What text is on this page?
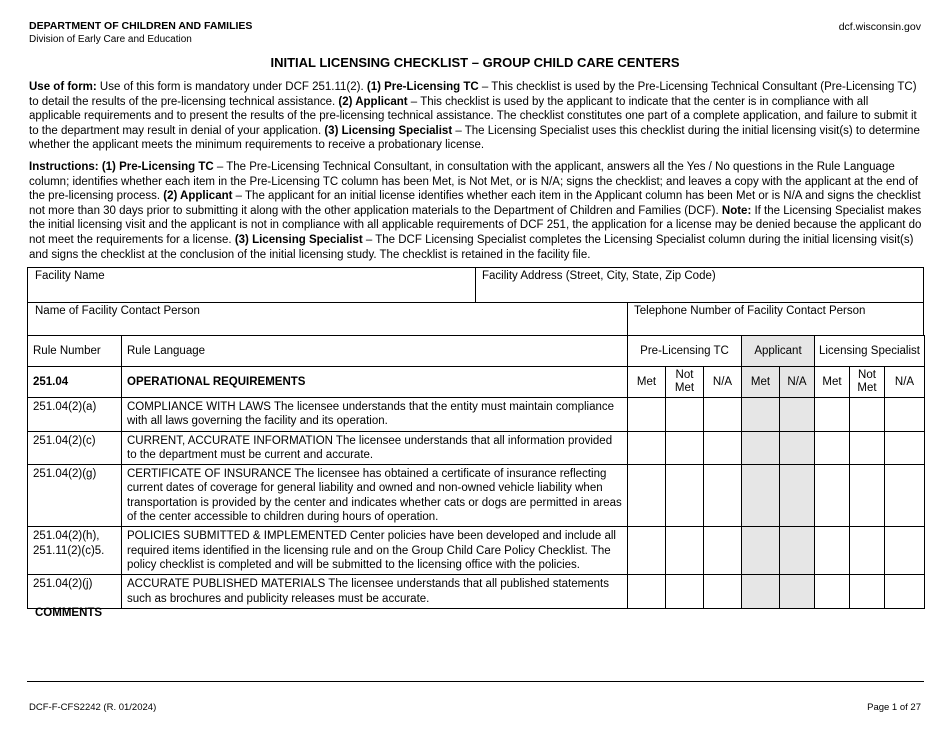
DEPARTMENT OF CHILDREN AND FAMILIES
Division of Early Care and Education
dcf.wisconsin.gov
INITIAL LICENSING CHECKLIST – GROUP CHILD CARE CENTERS
Use of form: Use of this form is mandatory under DCF 251.11(2). (1) Pre-Licensing TC – This checklist is used by the Pre-Licensing Technical Consultant (Pre-Licensing TC) to detail the results of the pre-licensing technical assistance. (2) Applicant – This checklist is used by the applicant to indicate that the center is in compliance with all applicable requirements and to present the results of the pre-licensing technical assistance. The checklist constitutes one part of a complete application, and failure to submit it to the department may result in denial of your application. (3) Licensing Specialist – The Licensing Specialist uses this checklist during the initial licensing visit(s) to determine whether the applicant meets the minimum requirements to receive a probationary license.
Instructions: (1) Pre-Licensing TC – The Pre-Licensing Technical Consultant, in consultation with the applicant, answers all the Yes / No questions in the Rule Language column; identifies whether each item in the Pre-Licensing TC column has been Met, is Not Met, or is N/A; signs the checklist; and leaves a copy with the applicant at the end of the pre-licensing process. (2) Applicant – The applicant for an initial license identifies whether each item in the Applicant column has been Met or is N/A and signs the checklist not more than 30 days prior to submitting it along with the other application materials to the Department of Children and Families (DCF). Note: If the Licensing Specialist makes the initial licensing visit and the applicant is not in compliance with all applicable requirements of DCF 251, the application for a license may be denied because the applicant do not meet the requirements for a license. (3) Licensing Specialist – The DCF Licensing Specialist completes the Licensing Specialist column during the initial licensing visit(s) and signs the checklist at the conclusion of the initial licensing study. The checklist is retained in the facility file.
Facility Name	Facility Address (Street, City, State, Zip Code)
Name of Facility Contact Person	Telephone Number of Facility Contact Person
Rule Number	Rule Language	Pre-Licensing TC			Applicant		Licensing Specialist		
251.04	OPERATIONAL REQUIREMENTS	Met	Not Met	N/A	Met	N/A	Met	Not Met	N/A
251.04(2)(a)	COMPLIANCE WITH LAWS The licensee understands that the entity must maintain compliance with all laws governing the facility and its operation.								
251.04(2)(c)	CURRENT, ACCURATE INFORMATION The licensee understands that all information provided to the department must be current and accurate.								
251.04(2)(g)	CERTIFICATE OF INSURANCE The licensee has obtained a certificate of insurance reflecting current dates of coverage for general liability and owned and non-owned vehicle liability when transportation is provided by the center and indicates whether cats or dogs are permitted in areas of the center accessible to children during hours of operation.								
251.04(2)(h), 251.11(2)(c)5.	POLICIES SUBMITTED & IMPLEMENTED Center policies have been developed and include all required items identified in the licensing rule and on the Group Child Care Policy Checklist. The policy checklist is completed and will be submitted to the licensing office with the policies.								
251.04(2)(j)	ACCURATE PUBLISHED MATERIALS The licensee understands that all published statements such as brochures and publicity releases must be accurate.								
COMMENTS
DCF-F-CFS2242 (R. 01/2024)	Page 1 of 27
